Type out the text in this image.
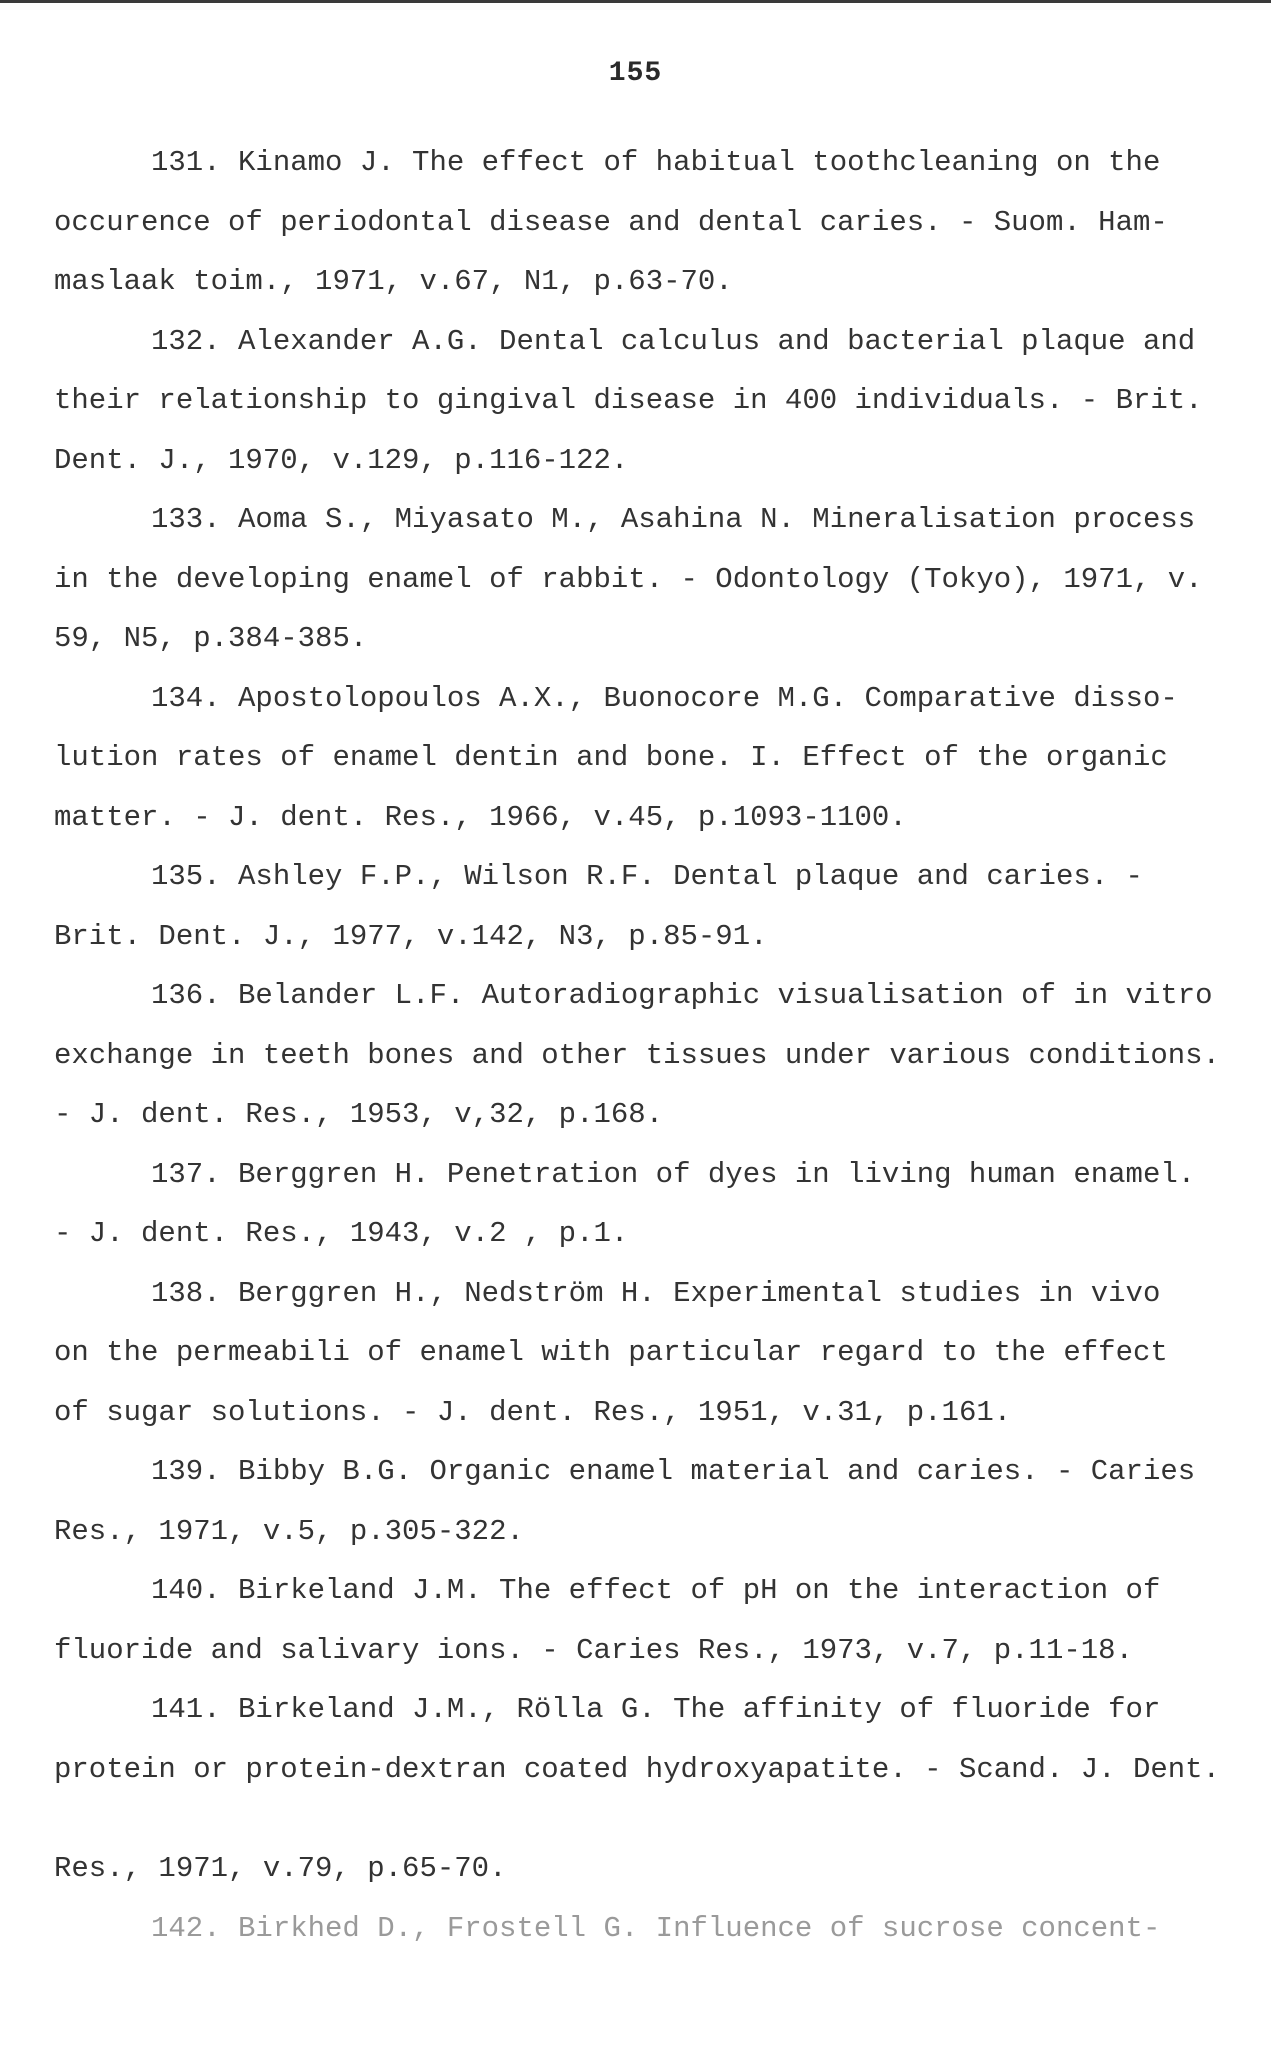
155
131. Kinamo J. The effect of habitual toothcleaning on the
occurence of periodontal disease and dental caries. - Suom. Ham-
maslaak toim., 1971, v.67, N1, p.63-70.
132. Alexander A.G. Dental calculus and bacterial plaque and
their relationship to gingival disease in 400 individuals. - Brit.
Dent. J., 1970, v.129, p.116-122.
133. Aoma S., Miyasato M., Asahina N. Mineralisation process
in the developing enamel of rabbit. - Odontology (Tokyo), 1971, v.
59, N5, p.384-385.
134. Apostolopoulos A.X., Buonocore M.G. Comparative disso-
lution rates of enamel dentin and bone. I. Effect of the organic
matter. - J. dent. Res., 1966, v.45, p.1093-1100.
135. Ashley F.P., Wilson R.F. Dental plaque and caries. -
Brit. Dent. J., 1977, v.142, N3, p.85-91.
136. Belander L.F. Autoradiographic visualisation of in vitro
exchange in teeth bones and other tissues under various conditions.
- J. dent. Res., 1953, v,32, p.168.
137. Berggren H. Penetration of dyes in living human enamel.
- J. dent. Res., 1943, v.2 , p.1.
138. Berggren H., Nedström H. Experimental studies in vivo
on the permeabili of enamel with particular regard to the effect
of sugar solutions. - J. dent. Res., 1951, v.31, p.161.
139. Bibby B.G. Organic enamel material and caries. - Caries
Res., 1971, v.5, p.305-322.
140. Birkeland J.M. The effect of pH on the interaction of
fluoride and salivary ions. - Caries Res., 1973, v.7, p.11-18.
141. Birkeland J.M., Rölla G. The affinity of fluoride for
protein or protein-dextran coated hydroxyapatite. - Scand. J. Dent.
Res., 1971, v.79, p.65-70.
142. Birkhed D., Frostell G. Influence of sucrose concent-
